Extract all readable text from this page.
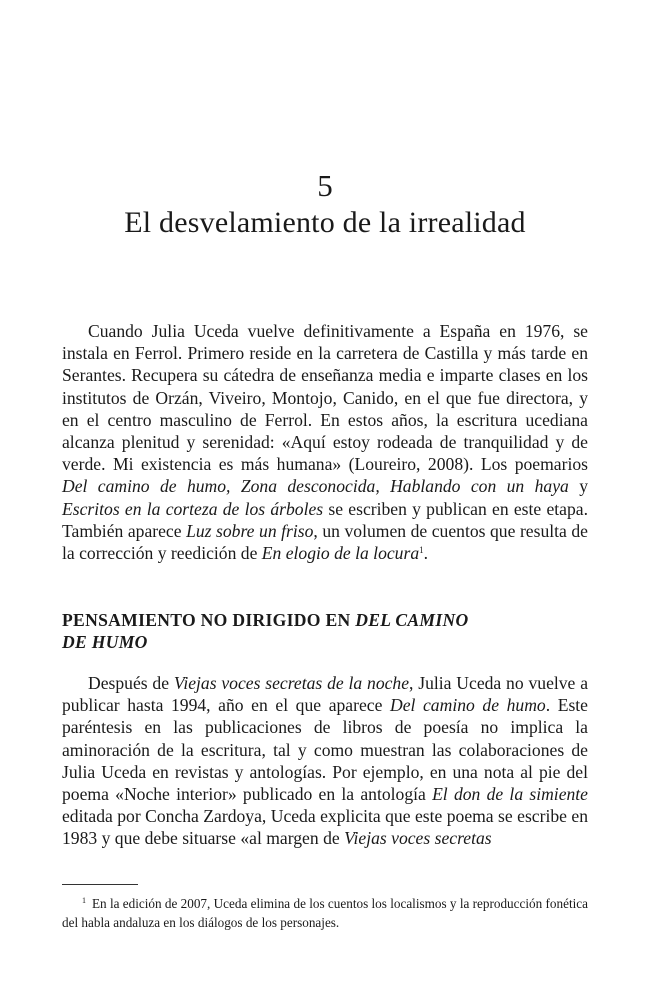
5
El desvelamiento de la irrealidad

Cuando Julia Uceda vuelve definitivamente a España en 1976, se instala en Ferrol. Primero reside en la carretera de Castilla y más tarde en Serantes. Recupera su cátedra de enseñanza media e imparte clases en los institutos de Orzán, Viveiro, Montojo, Canido, en el que fue directora, y en el centro masculino de Ferrol. En estos años, la escritura ucediana alcanza plenitud y serenidad: «Aquí estoy rodeada de tranquilidad y de verde. Mi existencia es más humana» (Loureiro, 2008). Los poemarios Del camino de humo, Zona desconocida, Hablando con un haya y Escritos en la corteza de los árboles se escriben y publican en este etapa. También aparece Luz sobre un friso, un volumen de cuentos que resulta de la corrección y reedición de En elogio de la locura$^1$.

PENSAMIENTO NO DIRIGIDO EN DEL CAMINO
DE HUMO

Después de Viejas voces secretas de la noche, Julia Uceda no vuelve a publicar hasta 1994, año en el que aparece Del camino de humo. Este paréntesis en las publicaciones de libros de poesía no implica la aminoración de la escritura, tal y como muestran las colaboraciones de Julia Uceda en revistas y antologías. Por ejemplo, en una nota al pie del poema «Noche interior» publicado en la antología El don de la simiente editada por Concha Zardoya, Uceda explicita que este poema se escribe en 1983 y que debe situarse «al margen de Viejas voces secretas

$^1$ En la edición de 2007, Uceda elimina de los cuentos los localismos y la reproducción fonética del habla andaluza en los diálogos de los personajes.
